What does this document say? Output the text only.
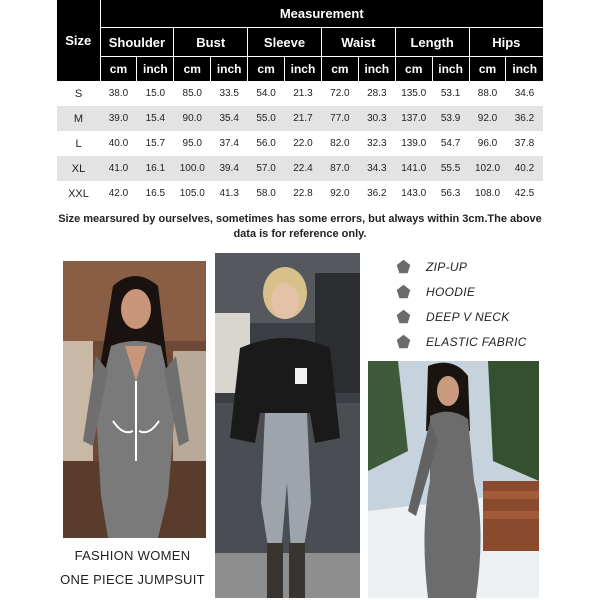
Size	Measurement											
	Shoulder		Bust		Sleeve		Waist		Length		Hips	
	cm	inch	cm	inch	cm	inch	cm	inch	cm	inch	cm	inch
S	38.0	15.0	85.0	33.5	54.0	21.3	72.0	28.3	135.0	53.1	88.0	34.6
M	39.0	15.4	90.0	35.4	55.0	21.7	77.0	30.3	137.0	53.9	92.0	36.2
L	40.0	15.7	95.0	37.4	56.0	22.0	82.0	32.3	139.0	54.7	96.0	37.8
XL	41.0	16.1	100.0	39.4	57.0	22.4	87.0	34.3	141.0	55.5	102.0	40.2
XXL	42.0	16.5	105.0	41.3	58.0	22.8	92.0	36.2	143.0	56.3	108.0	42.5
Size mearsured by ourselves, sometimes has some errors, but always within 3cm.The above data is for reference only.
FASHION WOMEN
ONE PIECE JUMPSUIT
ZIP-UP
HOODIE
DEEP V NECK
ELASTIC FABRIC
